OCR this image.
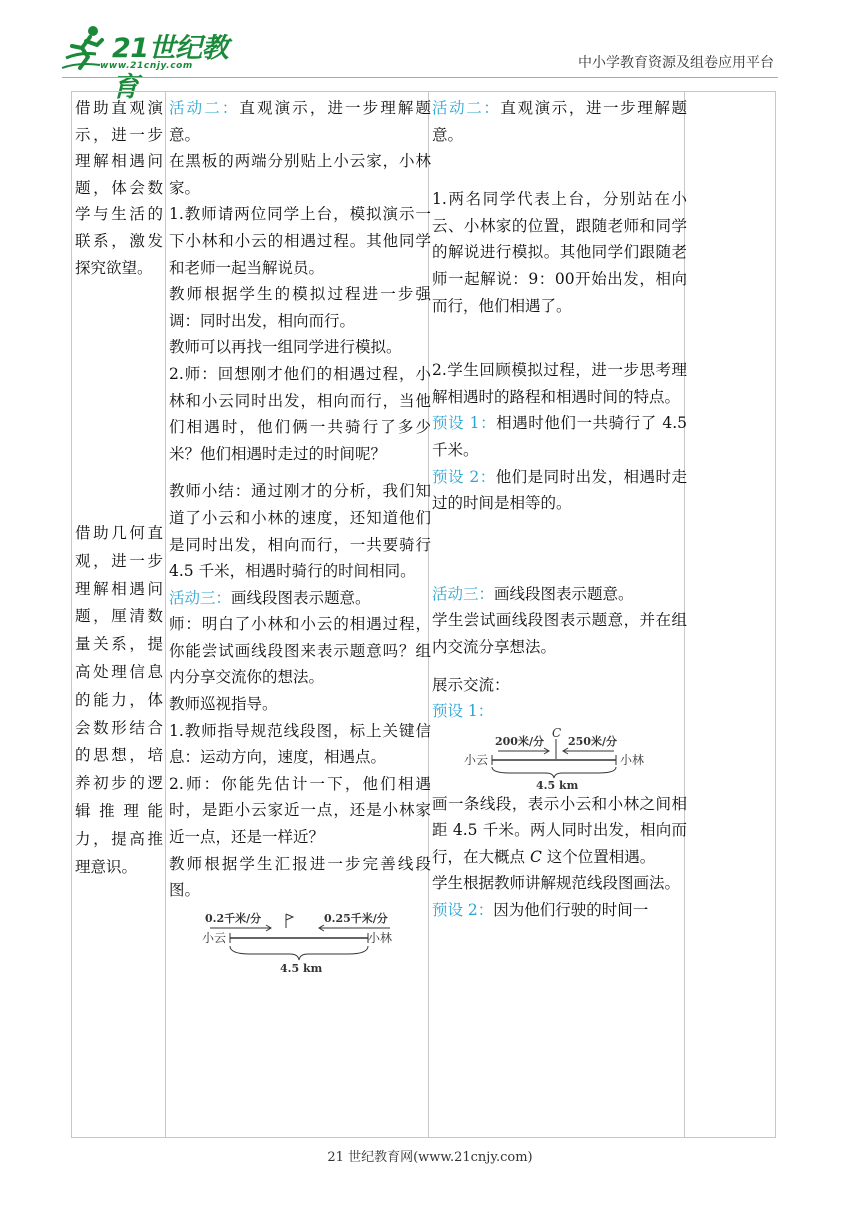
21世纪教育
www.21cnjy.com	中小学教育资源及组卷应用平台

借助直观演示，进一步理解相遇问题，体会数学与生活的联系，激发探究欲望。

借助几何直观，进一步理解相遇问题，厘清数量关系，提高处理信息的能力，体会数形结合的思想，培养初步的逻辑推理能力，提高推理意识。

活动二：直观演示，进一步理解题意。

在黑板的两端分别贴上小云家，小林家。

1.教师请两位同学上台，模拟演示一下小林和小云的相遇过程。其他同学和老师一起当解说员。

教师根据学生的模拟过程进一步强调：同时出发，相向而行。

教师可以再找一组同学进行模拟。

2.师：回想刚才他们的相遇过程，小林和小云同时出发，相向而行，当他们相遇时，他们俩一共骑行了多少米？他们相遇时走过的时间呢？

教师小结：通过刚才的分析，我们知道了小云和小林的速度，还知道他们是同时出发，相向而行，一共要骑行 4.5 千米，相遇时骑行的时间相同。

活动三：画线段图表示题意。

师：明白了小林和小云的相遇过程，你能尝试画线段图来表示题意吗？组内分享交流你的想法。

教师巡视指导。

1.教师指导规范线段图，标上关键信息：运动方向，速度，相遇点。

2.师：你能先估计一下，他们相遇时，是距小云家近一点，还是小林家近一点，还是一样近？

教师根据学生汇报进一步完善线段图。

0.2千米/分	0.25千米/分
小云	小林
4.5 km

活动二：直观演示，进一步理解题意。

1.两名同学代表上台，分别站在小云、小林家的位置，跟随老师和同学的解说进行模拟。其他同学们跟随老师一起解说：9：00开始出发，相向而行，他们相遇了。

2.学生回顾模拟过程，进一步思考理解相遇时的路程和相遇时间的特点。

预设 1：相遇时他们一共骑行了 4.5 千米。

预设 2：他们是同时出发，相遇时走过的时间是相等的。

活动三：画线段图表示题意。

学生尝试画线段图表示题意，并在组内交流分享想法。

展示交流：

预设 1：

200米/分 250米/分
C
小云	小林
4.5 km

画一条线段，表示小云和小林之间相距 4.5 千米。两人同时出发，相向而行，在大概点 C 这个位置相遇。

学生根据教师讲解规范线段图画法。

预设 2：因为他们行驶的时间一

21 世纪教育网(www.21cnjy.com)
